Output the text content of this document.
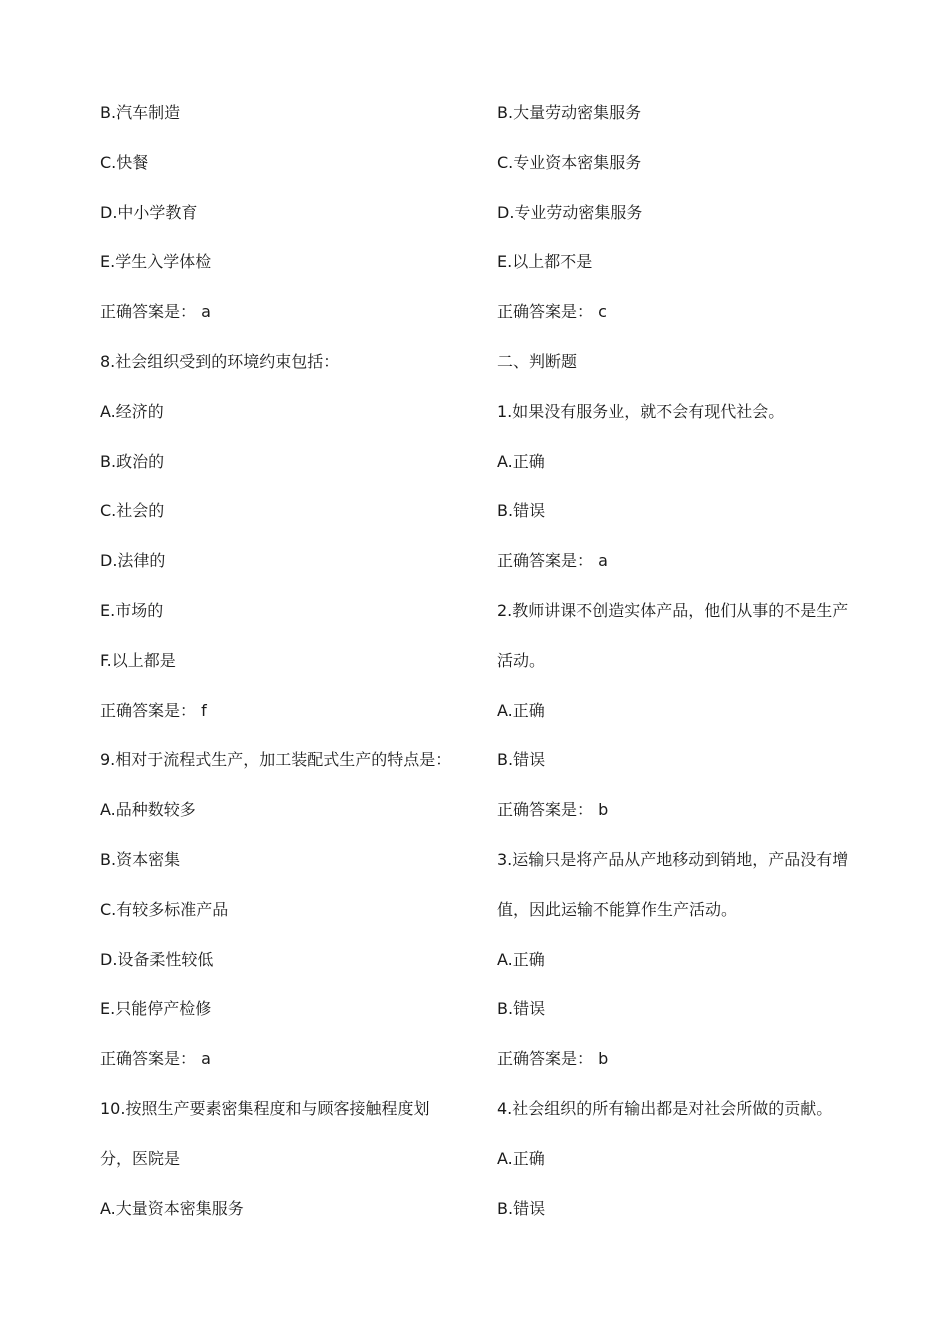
B.汽车制造
C.快餐
D.中小学教育
E.学生入学体检
正确答案是： a
8.社会组织受到的环境约束包括：
A.经济的
B.政治的
C.社会的
D.法律的
E.市场的
F.以上都是
正确答案是： f
9.相对于流程式生产，加工装配式生产的特点是：
A.品种数较多
B.资本密集
C.有较多标准产品
D.设备柔性较低
E.只能停产检修
正确答案是： a
10.按照生产要素密集程度和与顾客接触程度划
分，医院是
A.大量资本密集服务
B.大量劳动密集服务
C.专业资本密集服务
D.专业劳动密集服务
E.以上都不是
正确答案是： c
二、判断题
1.如果没有服务业，就不会有现代社会。
A.正确
B.错误
正确答案是： a
2.教师讲课不创造实体产品，他们从事的不是生产
活动。
A.正确
B.错误
正确答案是： b
3.运输只是将产品从产地移动到销地，产品没有增
值，因此运输不能算作生产活动。
A.正确
B.错误
正确答案是： b
4.社会组织的所有输出都是对社会所做的贡献。
A.正确
B.错误
